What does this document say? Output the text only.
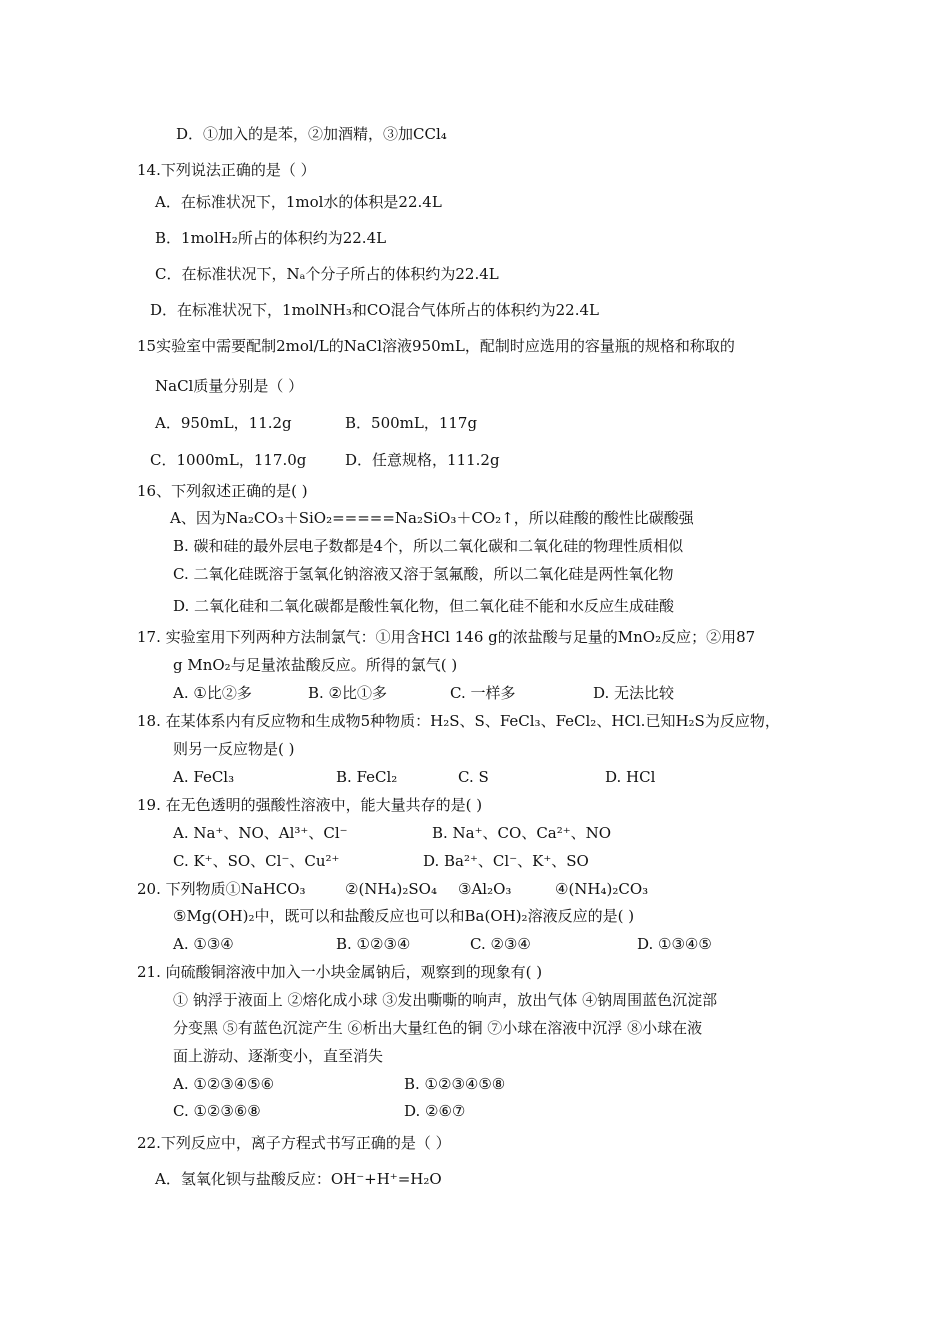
D．①加入的是苯，②加酒精，③加CCl₄
14.下列说法正确的是（ ）
A．在标准状况下，1mol水的体积是22.4L
B．1molH₂所占的体积约为22.4L
C．在标准状况下，Nₐ个分子所占的体积约为22.4L
D．在标准状况下，1molNH₃和CO混合气体所占的体积约为22.4L
15实验室中需要配制2mol/L的NaCl溶液950mL，配制时应选用的容量瓶的规格和称取的
NaCl质量分别是（ ）
A．950mL，11.2g	B．500mL，117g
C．1000mL，117.0g	D．任意规格，111.2g
16、下列叙述正确的是( )
A、因为Na₂CO₃＋SiO₂=====Na₂SiO₃＋CO₂↑，所以硅酸的酸性比碳酸强
B. 碳和硅的最外层电子数都是4个，所以二氧化碳和二氧化硅的物理性质相似
C. 二氧化硅既溶于氢氧化钠溶液又溶于氢氟酸，所以二氧化硅是两性氧化物
D. 二氧化硅和二氧化碳都是酸性氧化物，但二氧化硅不能和水反应生成硅酸
17. 实验室用下列两种方法制氯气：①用含HCl 146 g的浓盐酸与足量的MnO₂反应；②用87
g MnO₂与足量浓盐酸反应。所得的氯气( )
A. ①比②多	B. ②比①多	C. 一样多	D. 无法比较
18. 在某体系内有反应物和生成物5种物质：H₂S、S、FeCl₃、FeCl₂、HCl.已知H₂S为反应物，
则另一反应物是( )
A. FeCl₃	B. FeCl₂	C. S	D. HCl
19. 在无色透明的强酸性溶液中，能大量共存的是( )
A. Na⁺、NO、Al³⁺、Cl⁻	B. Na⁺、CO、Ca²⁺、NO
C. K⁺、SO、Cl⁻、Cu²⁺	D. Ba²⁺、Cl⁻、K⁺、SO
20. 下列物质①NaHCO₃	②(NH₄)₂SO₄ ③Al₂O₃	④(NH₄)₂CO₃
⑤Mg(OH)₂中，既可以和盐酸反应也可以和Ba(OH)₂溶液反应的是( )
A. ①③④	B. ①②③④	C. ②③④	D. ①③④⑤
21. 向硫酸铜溶液中加入一小块金属钠后，观察到的现象有( )
① 钠浮于液面上 ②熔化成小球 ③发出嘶嘶的响声，放出气体 ④钠周围蓝色沉淀部
分变黑 ⑤有蓝色沉淀产生 ⑥析出大量红色的铜 ⑦小球在溶液中沉浮 ⑧小球在液
面上游动、逐渐变小，直至消失
A. ①②③④⑤⑥	B. ①②③④⑤⑧
C. ①②③⑥⑧	D. ②⑥⑦
22.下列反应中，离子方程式书写正确的是（ ）
A．氢氧化钡与盐酸反应：OH⁻+H⁺=H₂O
